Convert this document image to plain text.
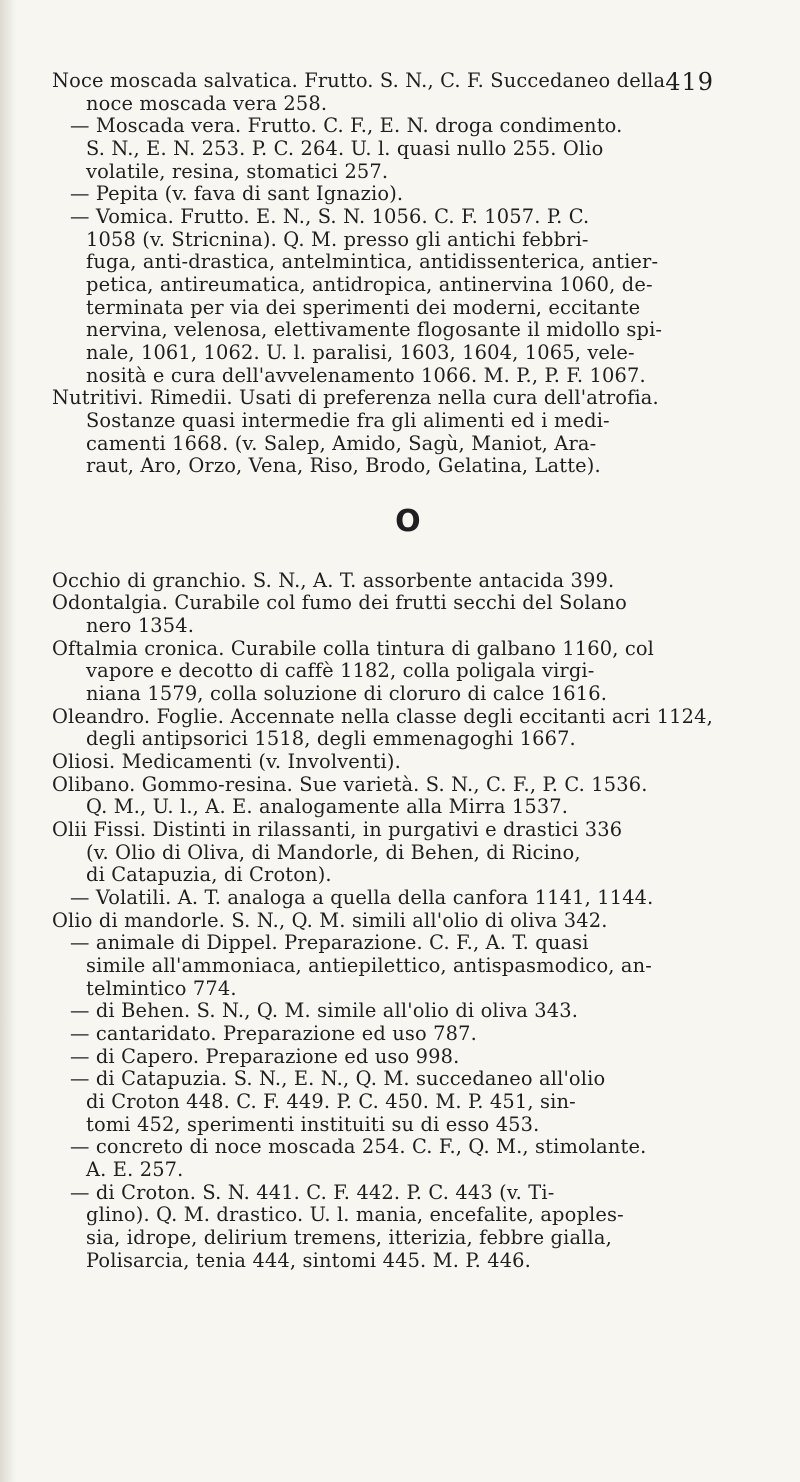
419
Noce moscada salvatica. Frutto. S. N., C. F. Succedaneo della
noce moscada vera 258.
— Moscada vera. Frutto. C. F., E. N. droga condimento.
S. N., E. N. 253. P. C. 264. U. l. quasi nullo 255. Olio
volatile, resina, stomatici 257.
— Pepita (v. fava di sant Ignazio).
— Vomica. Frutto. E. N., S. N. 1056. C. F. 1057. P. C.
1058 (v. Stricnina). Q. M. presso gli antichi febbri-
fuga, anti-drastica, antelmintica, antidissenterica, antier-
petica, antireumatica, antidropica, antinervina 1060, de-
terminata per via dei sperimenti dei moderni, eccitante
nervina, velenosa, elettivamente flogosante il midollo spi-
nale, 1061, 1062. U. l. paralisi, 1603, 1604, 1065, vele-
nosità e cura dell'avvelenamento 1066. M. P., P. F. 1067.
Nutritivi. Rimedii. Usati di preferenza nella cura dell'atrofia.
Sostanze quasi intermedie fra gli alimenti ed i medi-
camenti 1668. (v. Salep, Amido, Sagù, Maniot, Ara-
raut, Aro, Orzo, Vena, Riso, Brodo, Gelatina, Latte).
O
Occhio di granchio. S. N., A. T. assorbente antacida 399.
Odontalgia. Curabile col fumo dei frutti secchi del Solano
nero 1354.
Oftalmia cronica. Curabile colla tintura di galbano 1160, col
vapore e decotto di caffè 1182, colla poligala virgi-
niana 1579, colla soluzione di cloruro di calce 1616.
Oleandro. Foglie. Accennate nella classe degli eccitanti acri 1124,
degli antipsorici 1518, degli emmenagoghi 1667.
Oliosi. Medicamenti (v. Involventi).
Olibano. Gommo-resina. Sue varietà. S. N., C. F., P. C. 1536.
Q. M., U. l., A. E. analogamente alla Mirra 1537.
Olii Fissi. Distinti in rilassanti, in purgativi e drastici 336
(v. Olio di Oliva, di Mandorle, di Behen, di Ricino,
di Catapuzia, di Croton).
— Volatili. A. T. analoga a quella della canfora 1141, 1144.
Olio di mandorle. S. N., Q. M. simili all'olio di oliva 342.
— animale di Dippel. Preparazione. C. F., A. T. quasi
simile all'ammoniaca, antiepilettico, antispasmodico, an-
telmintico 774.
— di Behen. S. N., Q. M. simile all'olio di oliva 343.
— cantaridato. Preparazione ed uso 787.
— di Capero. Preparazione ed uso 998.
— di Catapuzia. S. N., E. N., Q. M. succedaneo all'olio
di Croton 448. C. F. 449. P. C. 450. M. P. 451, sin-
tomi 452, sperimenti instituiti su di esso 453.
— concreto di noce moscada 254. C. F., Q. M., stimolante.
A. E. 257.
— di Croton. S. N. 441. C. F. 442. P. C. 443 (v. Ti-
glino). Q. M. drastico. U. l. mania, encefalite, apoples-
sia, idrope, delirium tremens, itterizia, febbre gialla,
Polisarcia, tenia 444, sintomi 445. M. P. 446.
